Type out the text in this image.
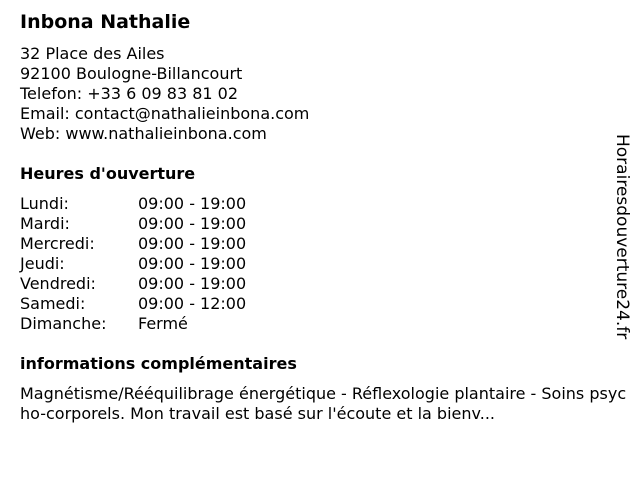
Inbona Nathalie
32 Place des Ailes
92100 Boulogne-Billancourt
Telefon: +33 6 09 83 81 02
Email: contact@nathalieinbona.com
Web: www.nathalieinbona.com
Heures d'ouverture
Lundi:	09:00 - 19:00
Mardi:	09:00 - 19:00
Mercredi:	09:00 - 19:00
Jeudi:	09:00 - 19:00
Vendredi:	09:00 - 19:00
Samedi:	09:00 - 12:00
Dimanche:	Fermé
informations complémentaires
Magnétisme/Rééquilibrage énergétique - Réflexologie plantaire - Soins psycho-corporels. Mon travail est basé sur l'écoute et la bienv...
Horairesdouverture24.fr
